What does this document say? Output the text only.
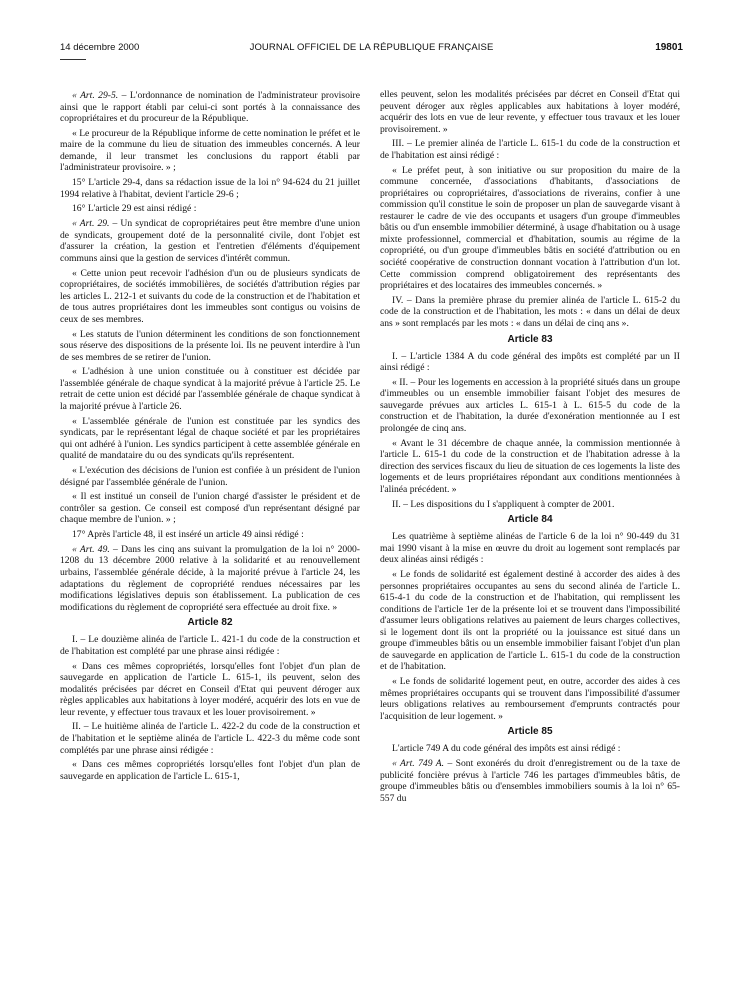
14 décembre 2000	JOURNAL OFFICIEL DE LA RÉPUBLIQUE FRANÇAISE	19801

« Art. 29-5. – L'ordonnance de nomination de l'administrateur provisoire ainsi que le rapport établi par celui-ci sont portés à la connaissance des copropriétaires et du procureur de la République.

« Le procureur de la République informe de cette nomination le préfet et le maire de la commune du lieu de situation des immeubles concernés. A leur demande, il leur transmet les conclusions du rapport établi par l'administrateur provisoire. » ;

15° L'article 29-4, dans sa rédaction issue de la loi n° 94-624 du 21 juillet 1994 relative à l'habitat, devient l'article 29-6 ;

16° L'article 29 est ainsi rédigé :

« Art. 29. – Un syndicat de copropriétaires peut être membre d'une union de syndicats, groupement doté de la personnalité civile, dont l'objet est d'assurer la création, la gestion et l'entretien d'éléments d'équipement communs ainsi que la gestion de services d'intérêt commun.

« Cette union peut recevoir l'adhésion d'un ou de plusieurs syndicats de copropriétaires, de sociétés immobilières, de sociétés d'attribution régies par les articles L. 212-1 et suivants du code de la construction et de l'habitation et de tous autres propriétaires dont les immeubles sont contigus ou voisins de ceux de ses membres.

« Les statuts de l'union déterminent les conditions de son fonctionnement sous réserve des dispositions de la présente loi. Ils ne peuvent interdire à l'un de ses membres de se retirer de l'union.

« L'adhésion à une union constituée ou à constituer est décidée par l'assemblée générale de chaque syndicat à la majorité prévue à l'article 25. Le retrait de cette union est décidé par l'assemblée générale de chaque syndicat à la majorité prévue à l'article 26.

« L'assemblée générale de l'union est constituée par les syndics des syndicats, par le représentant légal de chaque société et par les propriétaires qui ont adhéré à l'union. Les syndics participent à cette assemblée générale en qualité de mandataire du ou des syndicats qu'ils représentent.

« L'exécution des décisions de l'union est confiée à un président de l'union désigné par l'assemblée générale de l'union.

« Il est institué un conseil de l'union chargé d'assister le président et de contrôler sa gestion. Ce conseil est composé d'un représentant désigné par chaque membre de l'union. » ;

17° Après l'article 48, il est inséré un article 49 ainsi rédigé :

« Art. 49. – Dans les cinq ans suivant la promulgation de la loi n° 2000-1208 du 13 décembre 2000 relative à la solidarité et au renouvellement urbains, l'assemblée générale décide, à la majorité prévue à l'article 24, les adaptations du règlement de copropriété rendues nécessaires par les modifications législatives depuis son établissement. La publication de ces modifications du règlement de copropriété sera effectuée au droit fixe. »

Article 82

I. – Le douzième alinéa de l'article L. 421-1 du code de la construction et de l'habitation est complété par une phrase ainsi rédigée :

« Dans ces mêmes copropriétés, lorsqu'elles font l'objet d'un plan de sauvegarde en application de l'article L. 615-1, ils peuvent, selon des modalités précisées par décret en Conseil d'Etat qui peuvent déroger aux règles applicables aux habitations à loyer modéré, acquérir des lots en vue de leur revente, y effectuer tous travaux et les louer provisoirement. »

II. – Le huitième alinéa de l'article L. 422-2 du code de la construction et de l'habitation et le septième alinéa de l'article L. 422-3 du même code sont complétés par une phrase ainsi rédigée :

« Dans ces mêmes copropriétés lorsqu'elles font l'objet d'un plan de sauvegarde en application de l'article L. 615-1,

elles peuvent, selon les modalités précisées par décret en Conseil d'Etat qui peuvent déroger aux règles applicables aux habitations à loyer modéré, acquérir des lots en vue de leur revente, y effectuer tous travaux et les louer provisoirement. »

III. – Le premier alinéa de l'article L. 615-1 du code de la construction et de l'habitation est ainsi rédigé :

« Le préfet peut, à son initiative ou sur proposition du maire de la commune concernée, d'associations d'habitants, d'associations de propriétaires ou copropriétaires, d'associations de riverains, confier à une commission qu'il constitue le soin de proposer un plan de sauvegarde visant à restaurer le cadre de vie des occupants et usagers d'un groupe d'immeubles bâtis ou d'un ensemble immobilier déterminé, à usage d'habitation ou à usage mixte professionnel, commercial et d'habitation, soumis au régime de la copropriété, ou d'un groupe d'immeubles bâtis en société d'attribution ou en société coopérative de construction donnant vocation à l'attribution d'un lot. Cette commission comprend obligatoirement des représentants des propriétaires et des locataires des immeubles concernés. »

IV. – Dans la première phrase du premier alinéa de l'article L. 615-2 du code de la construction et de l'habitation, les mots : « dans un délai de deux ans » sont remplacés par les mots : « dans un délai de cinq ans ».

Article 83

I. – L'article 1384 A du code général des impôts est complété par un II ainsi rédigé :

« II. – Pour les logements en accession à la propriété situés dans un groupe d'immeubles ou un ensemble immobilier faisant l'objet des mesures de sauvegarde prévues aux articles L. 615-1 à L. 615-5 du code de la construction et de l'habitation, la durée d'exonération mentionnée au I est prolongée de cinq ans.

« Avant le 31 décembre de chaque année, la commission mentionnée à l'article L. 615-1 du code de la construction et de l'habitation adresse à la direction des services fiscaux du lieu de situation de ces logements la liste des logements et de leurs propriétaires répondant aux conditions mentionnées à l'alinéa précédent. »

II. – Les dispositions du I s'appliquent à compter de 2001.

Article 84

Les quatrième à septième alinéas de l'article 6 de la loi n° 90-449 du 31 mai 1990 visant à la mise en œuvre du droit au logement sont remplacés par deux alinéas ainsi rédigés :

« Le fonds de solidarité est également destiné à accorder des aides à des personnes propriétaires occupantes au sens du second alinéa de l'article L. 615-4-1 du code de la construction et de l'habitation, qui remplissent les conditions de l'article 1er de la présente loi et se trouvent dans l'impossibilité d'assumer leurs obligations relatives au paiement de leurs charges collectives, si le logement dont ils ont la propriété ou la jouissance est situé dans un groupe d'immeubles bâtis ou un ensemble immobilier faisant l'objet d'un plan de sauvegarde en application de l'article L. 615-1 du code de la construction et de l'habitation.

« Le fonds de solidarité logement peut, en outre, accorder des aides à ces mêmes propriétaires occupants qui se trouvent dans l'impossibilité d'assumer leurs obligations relatives au remboursement d'emprunts contractés pour l'acquisition de leur logement. »

Article 85

L'article 749 A du code général des impôts est ainsi rédigé :

« Art. 749 A. – Sont exonérés du droit d'enregistrement ou de la taxe de publicité foncière prévus à l'article 746 les partages d'immeubles bâtis, de groupe d'immeubles bâtis ou d'ensembles immobiliers soumis à la loi n° 65-557 du
